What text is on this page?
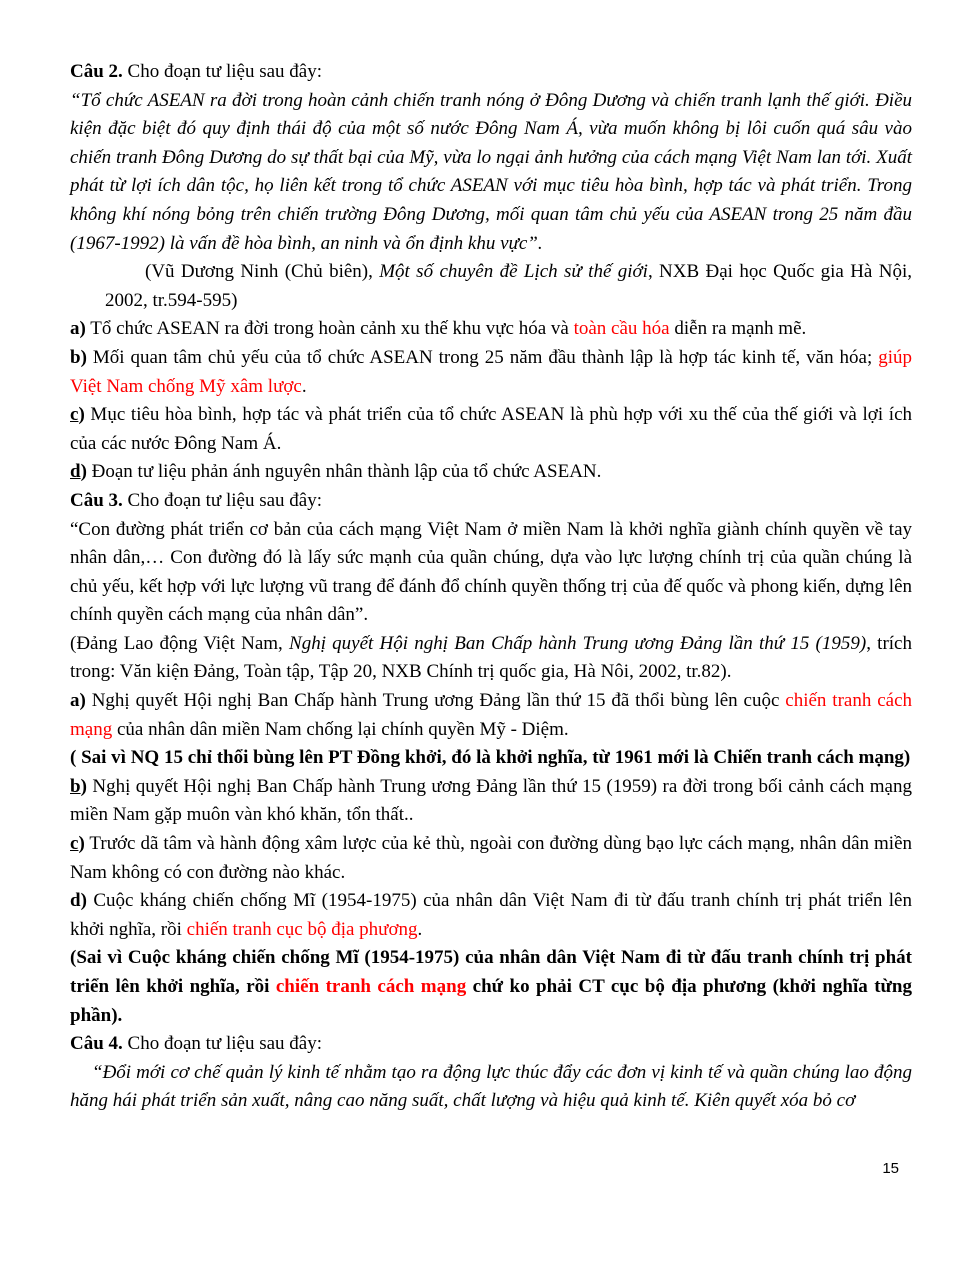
Câu 2. Cho đoạn tư liệu sau đây:

“Tổ chức ASEAN ra đời trong hoàn cảnh chiến tranh nóng ở Đông Dương và chiến tranh lạnh thế giới. Điều kiện đặc biệt đó quy định thái độ của một số nước Đông Nam Á, vừa muốn không bị lôi cuốn quá sâu vào chiến tranh Đông Dương do sự thất bại của Mỹ, vừa lo ngại ảnh hưởng của cách mạng Việt Nam lan tới. Xuất phát từ lợi ích dân tộc, họ liên kết trong tổ chức ASEAN với mục tiêu hòa bình, hợp tác và phát triển. Trong không khí nóng bỏng trên chiến trường Đông Dương, mối quan tâm chủ yếu của ASEAN trong 25 năm đầu (1967-1992) là vấn đề hòa bình, an ninh và ổn định khu vực”.

(Vũ Dương Ninh (Chủ biên), Một số chuyên đề Lịch sử thế giới, NXB Đại học Quốc gia Hà Nội, 2002, tr.594-595)

a) Tổ chức ASEAN ra đời trong hoàn cảnh xu thế khu vực hóa và toàn cầu hóa diễn ra mạnh mẽ.

b) Mối quan tâm chủ yếu của tổ chức ASEAN trong 25 năm đầu thành lập là hợp tác kinh tế, văn hóa; giúp Việt Nam chống Mỹ xâm lược.

c) Mục tiêu hòa bình, hợp tác và phát triển của tổ chức ASEAN là phù hợp với xu thế của thế giới và lợi ích của các nước Đông Nam Á.

d) Đoạn tư liệu phản ánh nguyên nhân thành lập của tổ chức ASEAN.

Câu 3. Cho đoạn tư liệu sau đây:

“Con đường phát triển cơ bản của cách mạng Việt Nam ở miền Nam là khởi nghĩa giành chính quyền về tay nhân dân,… Con đường đó là lấy sức mạnh của quần chúng, dựa vào lực lượng chính trị của quần chúng là chủ yếu, kết hợp với lực lượng vũ trang để đánh đổ chính quyền thống trị của đế quốc và phong kiến, dựng lên chính quyền cách mạng của nhân dân”.

(Đảng Lao động Việt Nam, Nghị quyết Hội nghị Ban Chấp hành Trung ương Đảng lần thứ 15 (1959), trích trong: Văn kiện Đảng, Toàn tập, Tập 20, NXB Chính trị quốc gia, Hà Nôi, 2002, tr.82).

a) Nghị quyết Hội nghị Ban Chấp hành Trung ương Đảng lần thứ 15 đã thổi bùng lên cuộc chiến tranh cách mạng của nhân dân miền Nam chống lại chính quyền Mỹ - Diệm.

( Sai vì NQ 15 chỉ thổi bùng lên PT Đồng khởi, đó là khởi nghĩa, từ 1961 mới là Chiến tranh cách mạng)

b) Nghị quyết Hội nghị Ban Chấp hành Trung ương Đảng lần thứ 15 (1959) ra đời trong bối cảnh cách mạng miền Nam gặp muôn vàn khó khăn, tổn thất..

c) Trước dã tâm và hành động xâm lược của kẻ thù, ngoài con đường dùng bạo lực cách mạng, nhân dân miền Nam không có con đường nào khác.

d) Cuộc kháng chiến chống Mĩ (1954-1975) của nhân dân Việt Nam đi từ đấu tranh chính trị phát triển lên khởi nghĩa, rồi chiến tranh cục bộ địa phương.

(Sai vì Cuộc kháng chiến chống Mĩ (1954-1975) của nhân dân Việt Nam đi từ đấu tranh chính trị phát triển lên khởi nghĩa, rồi chiến tranh cách mạng chứ ko phải CT cục bộ địa phương (khởi nghĩa từng phần).

Câu 4. Cho đoạn tư liệu sau đây:

“Đổi mới cơ chế quản lý kinh tế nhằm tạo ra động lực thúc đẩy các đơn vị kinh tế và quần chúng lao động hăng hái phát triển sản xuất, nâng cao năng suất, chất lượng và hiệu quả kinh tế. Kiên quyết xóa bỏ cơ

15
